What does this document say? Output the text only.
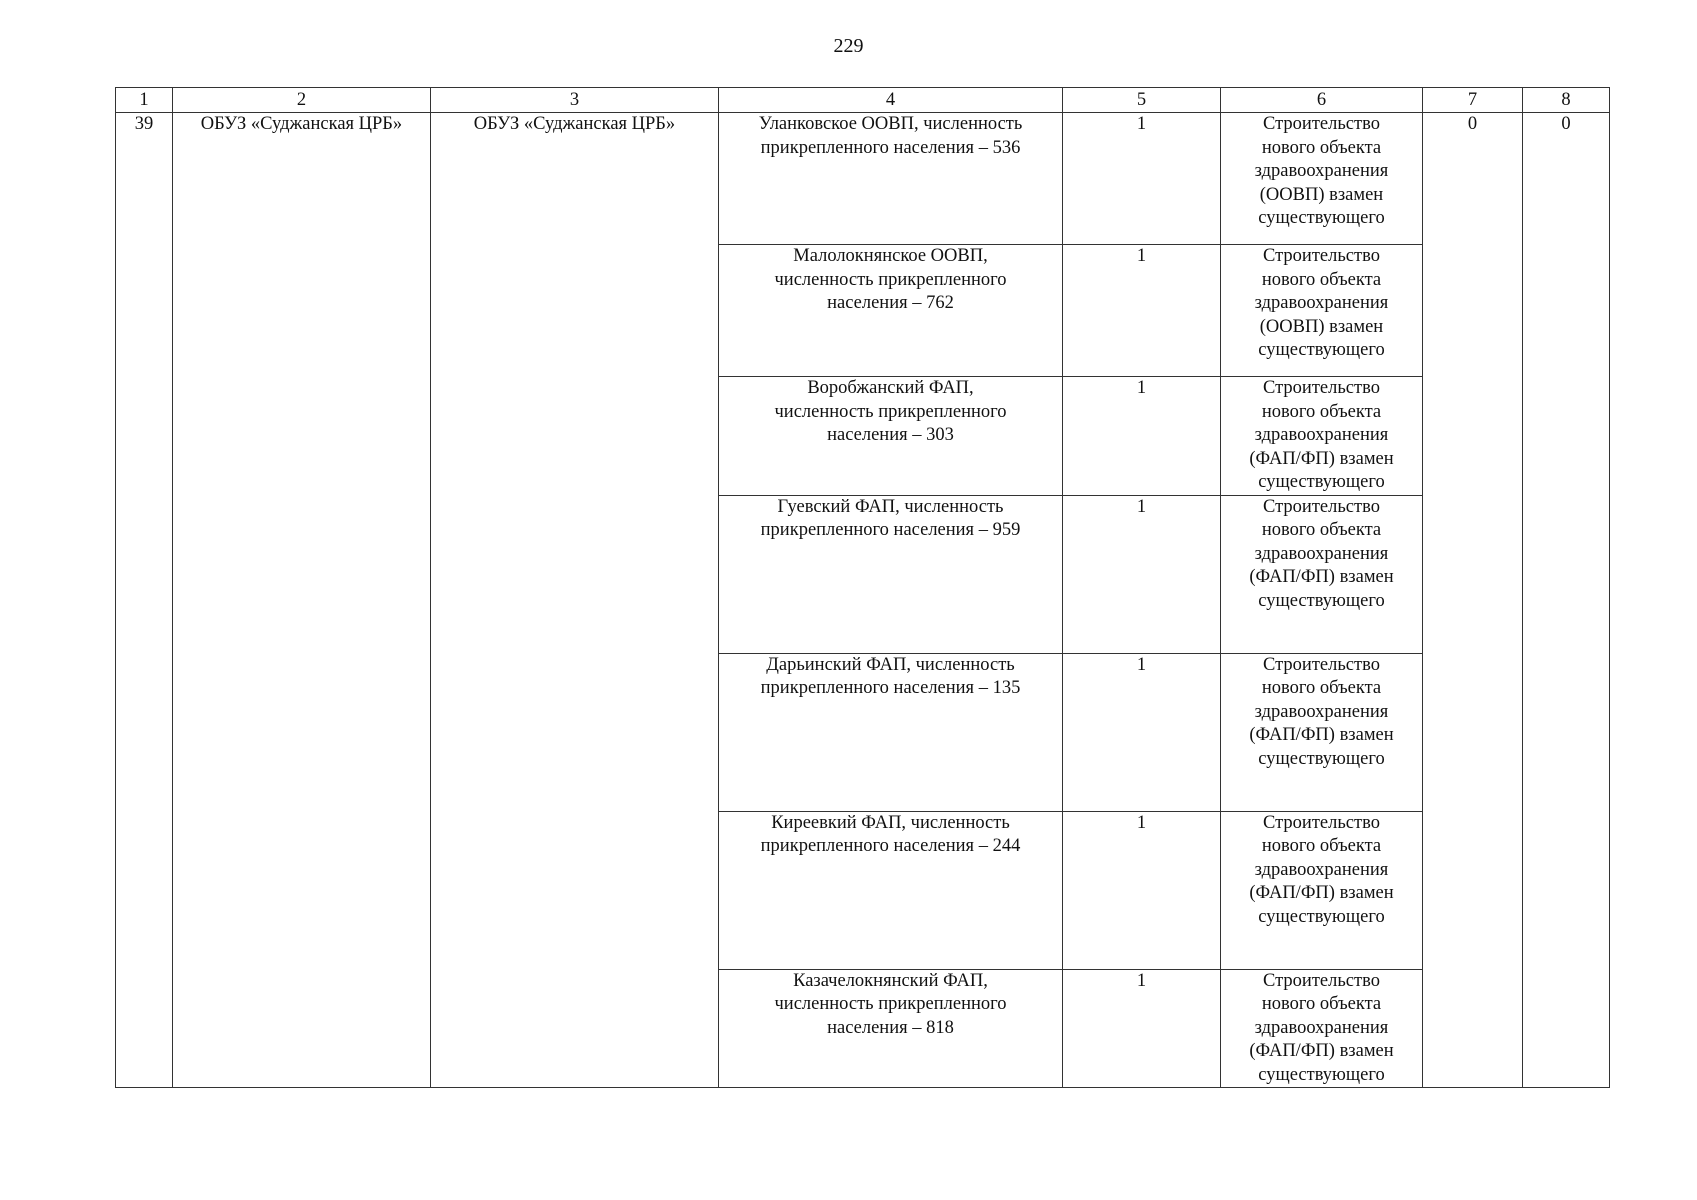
229
1	2	3	4	5	6	7	8
39	ОБУЗ «Суджанская ЦРБ»	ОБУЗ «Суджанская ЦРБ»	Уланковское ООВП, численность
прикрепленного населения – 536	1	Строительство
нового объекта
здравоохранения
(ООВП) взамен
существующего	0	0
			Малолокнянское ООВП,
численность прикрепленного
населения – 762	1	Строительство
нового объекта
здравоохранения
(ООВП) взамен
существующего		
			Воробжанский ФАП,
численность прикрепленного
населения – 303	1	Строительство
нового объекта
здравоохранения
(ФАП/ФП) взамен
существующего		
			Гуевский ФАП, численность
прикрепленного населения – 959	1	Строительство
нового объекта
здравоохранения
(ФАП/ФП) взамен
существующего		
			Дарьинский ФАП, численность
прикрепленного населения – 135	1	Строительство
нового объекта
здравоохранения
(ФАП/ФП) взамен
существующего		
			Киреевкий ФАП, численность
прикрепленного населения – 244	1	Строительство
нового объекта
здравоохранения
(ФАП/ФП) взамен
существующего		
			Казачелокнянский ФАП,
численность прикрепленного
населения – 818	1	Строительство
нового объекта
здравоохранения
(ФАП/ФП) взамен
существующего		
